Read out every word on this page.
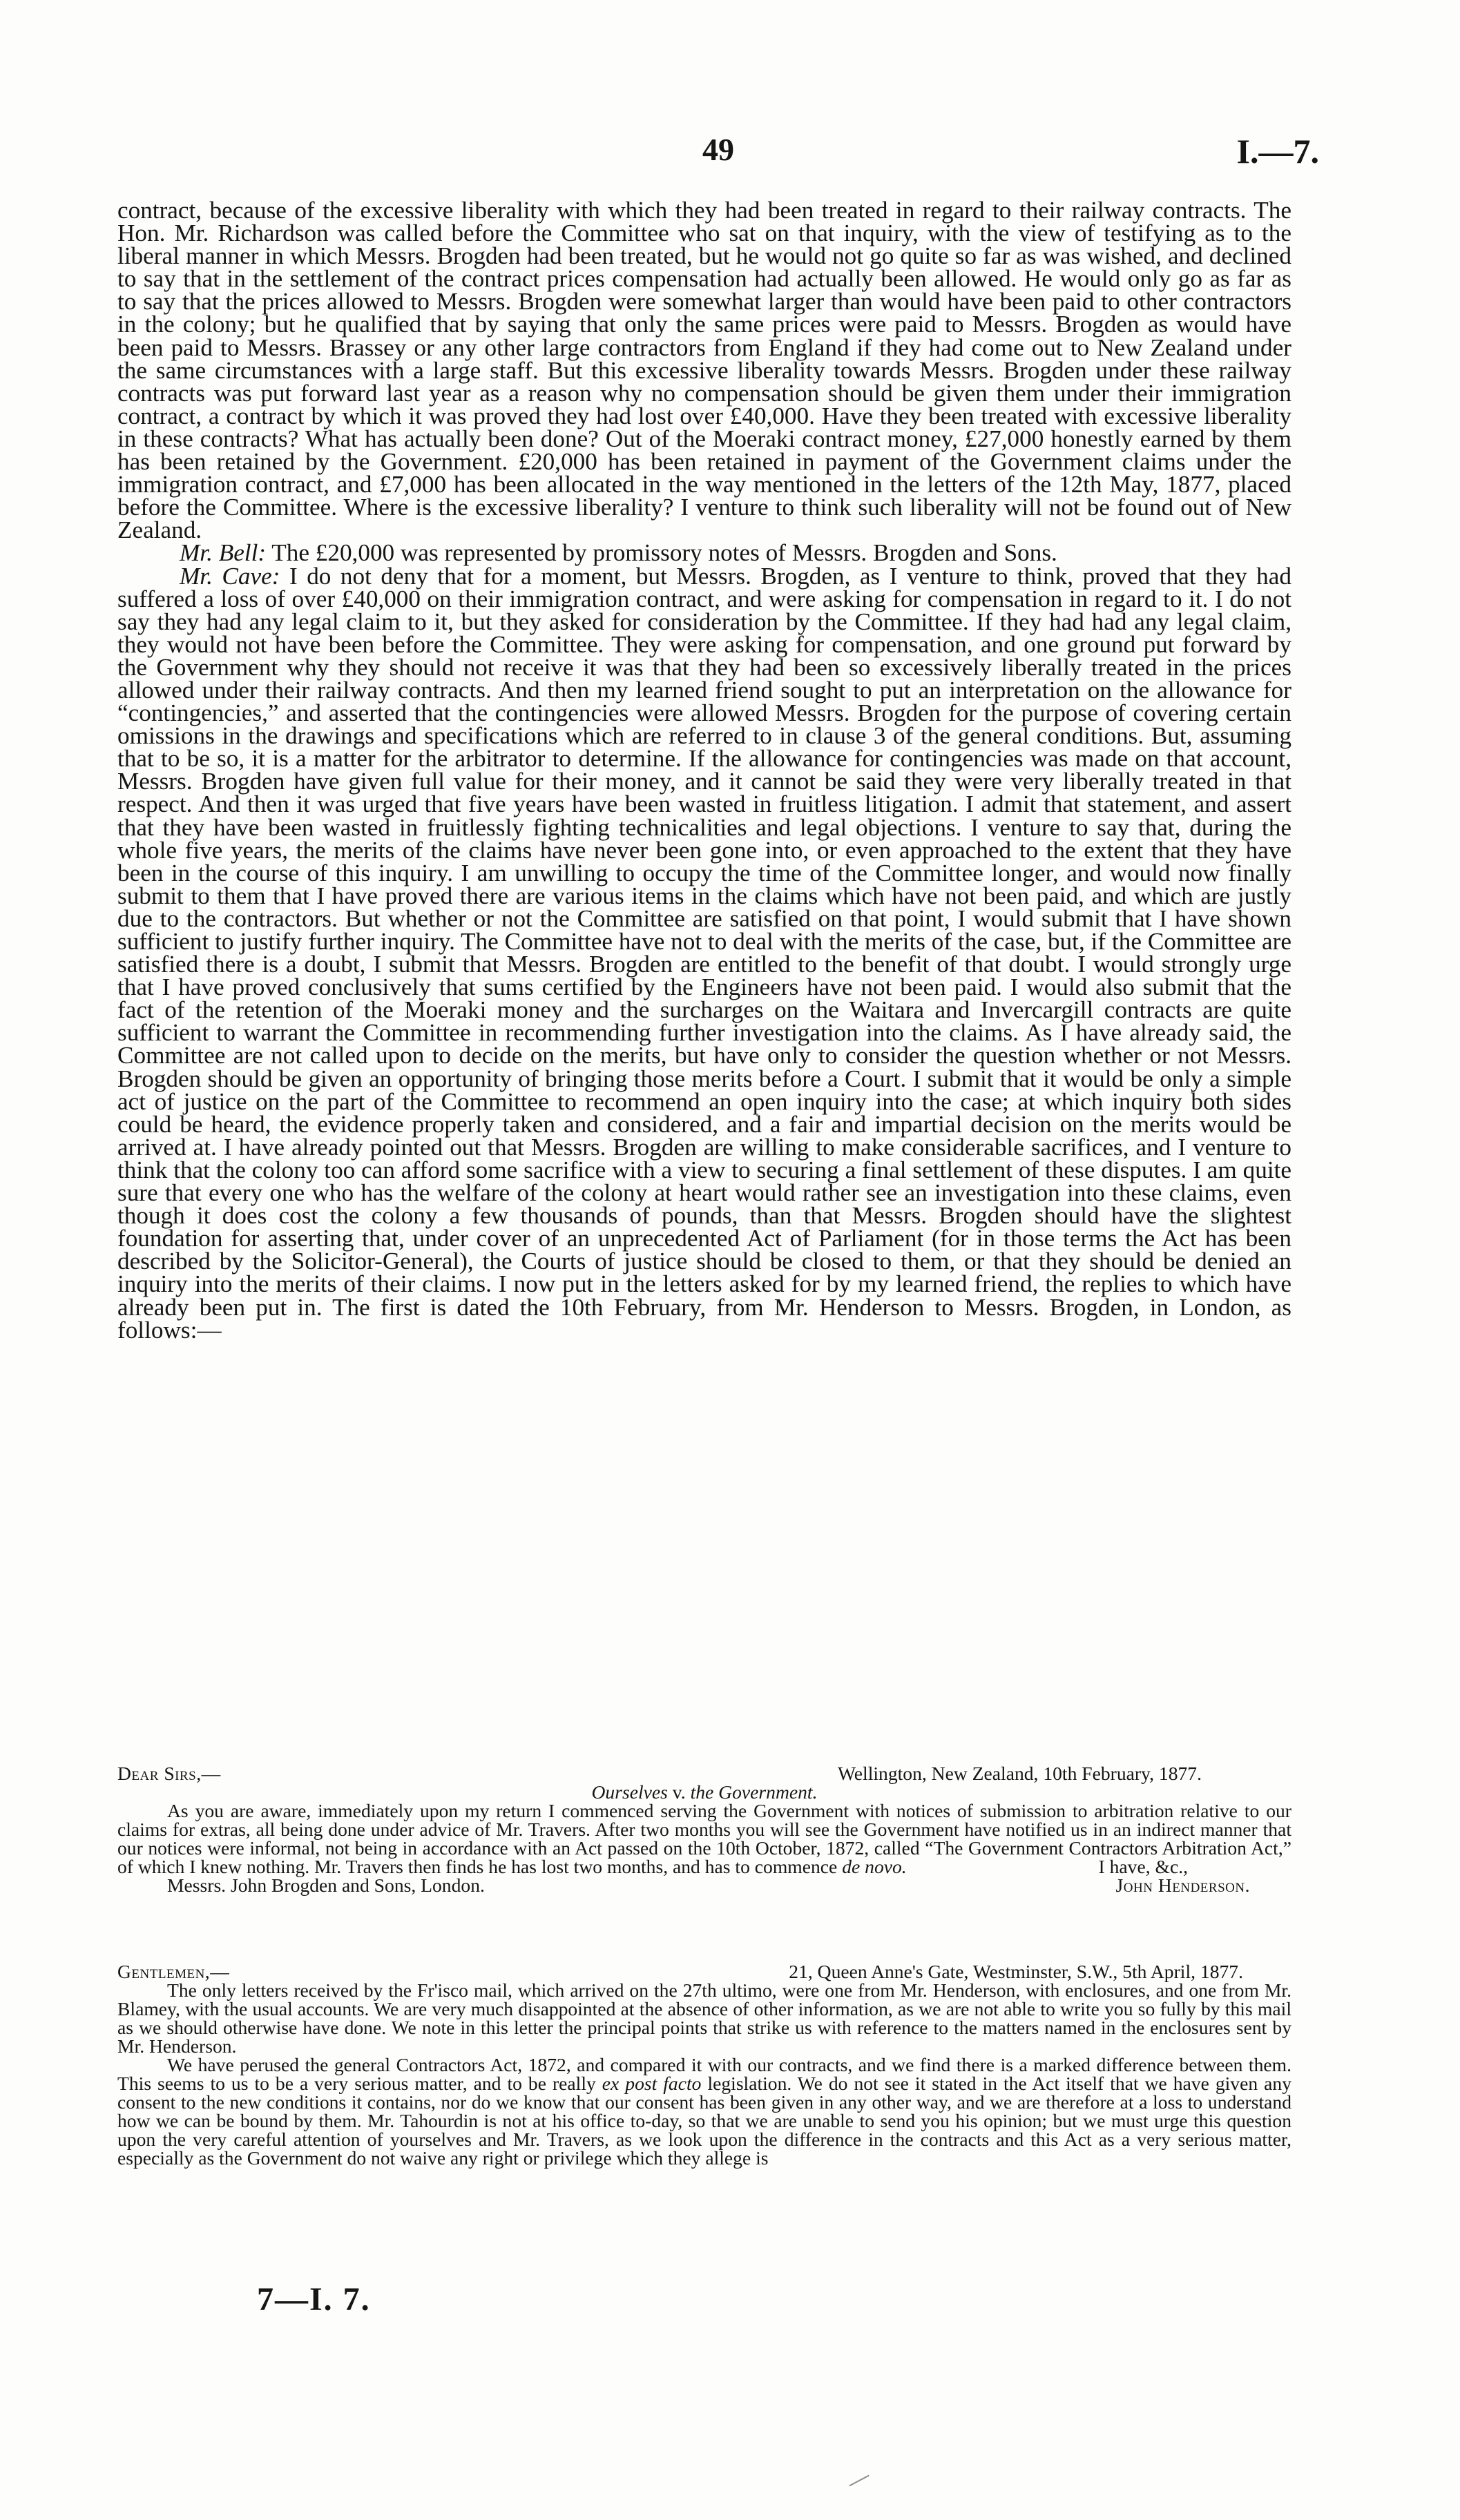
49	I.—7.

contract, because of the excessive liberality with which they had been treated in regard to their railway contracts. The Hon. Mr. Richardson was called before the Committee who sat on that inquiry, with the view of testifying as to the liberal manner in which Messrs. Brogden had been treated, but he would not go quite so far as was wished, and declined to say that in the settlement of the contract prices compensation had actually been allowed. He would only go as far as to say that the prices allowed to Messrs. Brogden were somewhat larger than would have been paid to other contractors in the colony; but he qualified that by saying that only the same prices were paid to Messrs. Brogden as would have been paid to Messrs. Brassey or any other large contractors from England if they had come out to New Zealand under the same circumstances with a large staff. But this excessive liberality towards Messrs. Brogden under these railway contracts was put forward last year as a reason why no compensation should be given them under their immigration contract, a contract by which it was proved they had lost over £40,000. Have they been treated with excessive liberality in these contracts? What has actually been done? Out of the Moeraki contract money, £27,000 honestly earned by them has been retained by the Government. £20,000 has been retained in payment of the Government claims under the immigration contract, and £7,000 has been allocated in the way mentioned in the letters of the 12th May, 1877, placed before the Committee. Where is the excessive liberality? I venture to think such liberality will not be found out of New Zealand.

Mr. Bell: The £20,000 was represented by promissory notes of Messrs. Brogden and Sons.

Mr. Cave: I do not deny that for a moment, but Messrs. Brogden, as I venture to think, proved that they had suffered a loss of over £40,000 on their immigration contract, and were asking for compensation in regard to it. I do not say they had any legal claim to it, but they asked for consideration by the Committee. If they had had any legal claim, they would not have been before the Committee. They were asking for compensation, and one ground put forward by the Government why they should not receive it was that they had been so excessively liberally treated in the prices allowed under their railway contracts. And then my learned friend sought to put an interpretation on the allowance for “contingencies,” and asserted that the contingencies were allowed Messrs. Brogden for the purpose of covering certain omissions in the drawings and specifications which are referred to in clause 3 of the general conditions. But, assuming that to be so, it is a matter for the arbitrator to determine. If the allowance for contingencies was made on that account, Messrs. Brogden have given full value for their money, and it cannot be said they were very liberally treated in that respect. And then it was urged that five years have been wasted in fruitless litigation. I admit that statement, and assert that they have been wasted in fruitlessly fighting technicalities and legal objections. I venture to say that, during the whole five years, the merits of the claims have never been gone into, or even approached to the extent that they have been in the course of this inquiry. I am unwilling to occupy the time of the Committee longer, and would now finally submit to them that I have proved there are various items in the claims which have not been paid, and which are justly due to the contractors. But whether or not the Committee are satisfied on that point, I would submit that I have shown sufficient to justify further inquiry. The Committee have not to deal with the merits of the case, but, if the Committee are satisfied there is a doubt, I submit that Messrs. Brogden are entitled to the benefit of that doubt. I would strongly urge that I have proved conclusively that sums certified by the Engineers have not been paid. I would also submit that the fact of the retention of the Moeraki money and the surcharges on the Waitara and Invercargill contracts are quite sufficient to warrant the Committee in recommending further investigation into the claims. As I have already said, the Committee are not called upon to decide on the merits, but have only to consider the question whether or not Messrs. Brogden should be given an opportunity of bringing those merits before a Court. I submit that it would be only a simple act of justice on the part of the Committee to recommend an open inquiry into the case; at which inquiry both sides could be heard, the evidence properly taken and considered, and a fair and impartial decision on the merits would be arrived at. I have already pointed out that Messrs. Brogden are willing to make considerable sacrifices, and I venture to think that the colony too can afford some sacrifice with a view to securing a final settlement of these disputes. I am quite sure that every one who has the welfare of the colony at heart would rather see an investigation into these claims, even though it does cost the colony a few thousands of pounds, than that Messrs. Brogden should have the slightest foundation for asserting that, under cover of an unprecedented Act of Parliament (for in those terms the Act has been described by the Solicitor-General), the Courts of justice should be closed to them, or that they should be denied an inquiry into the merits of their claims. I now put in the letters asked for by my learned friend, the replies to which have already been put in. The first is dated the 10th February, from Mr. Henderson to Messrs. Brogden, in London, as follows:—

Dear Sirs,—	Wellington, New Zealand, 10th February, 1877.
Ourselves v. the Government.

As you are aware, immediately upon my return I commenced serving the Government with notices of submission to arbitration relative to our claims for extras, all being done under advice of Mr. Travers. After two months you will see the Government have notified us in an indirect manner that our notices were informal, not being in accordance with an Act passed on the 10th October, 1872, called “The Government Contractors Arbitration Act,” of which I knew nothing. Mr. Travers then finds he has lost two months, and has to commence de novo.	I have, &c.,

Messrs. John Brogden and Sons, London.	John Henderson.
Gentlemen,—	21, Queen Anne's Gate, Westminster, S.W., 5th April, 1877.

The only letters received by the Fr'isco mail, which arrived on the 27th ultimo, were one from Mr. Henderson, with enclosures, and one from Mr. Blamey, with the usual accounts. We are very much disappointed at the absence of other information, as we are not able to write you so fully by this mail as we should otherwise have done. We note in this letter the principal points that strike us with reference to the matters named in the enclosures sent by Mr. Henderson.

We have perused the general Contractors Act, 1872, and compared it with our contracts, and we find there is a marked difference between them. This seems to us to be a very serious matter, and to be really ex post facto legislation. We do not see it stated in the Act itself that we have given any consent to the new conditions it contains, nor do we know that our consent has been given in any other way, and we are therefore at a loss to understand how we can be bound by them. Mr. Tahourdin is not at his office to-day, so that we are unable to send you his opinion; but we must urge this question upon the very careful attention of yourselves and Mr. Travers, as we look upon the difference in the contracts and this Act as a very serious matter, especially as the Government do not waive any right or privilege which they allege is

7—I. 7.
